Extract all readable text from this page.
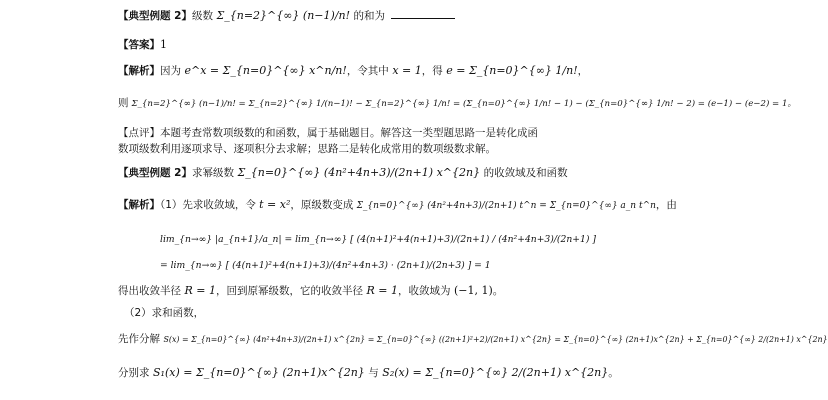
【典型例题 2】级数 Σ_{n=2}^{∞} (n−1)/n! 的和为
【答案】1
【解析】因为 e^x = Σ_{n=0}^{∞} x^n/n!，令其中 x = 1，得 e = Σ_{n=0}^{∞} 1/n!，
则 Σ_{n=2}^{∞} (n−1)/n! = Σ_{n=2}^{∞} 1/(n−1)! − Σ_{n=2}^{∞} 1/n! = (Σ_{n=0}^{∞} 1/n! − 1) − (Σ_{n=0}^{∞} 1/n! − 2) = (e−1) − (e−2) = 1。
【点评】本题考查常数项级数的和函数，属于基础题目。解答这一类型题思路一是转化成函
数项级数利用逐项求导、逐项积分去求解；思路二是转化成常用的数项级数求解。
【典型例题 2】求幂级数 Σ_{n=0}^{∞} (4n²+4n+3)/(2n+1) x^{2n} 的收敛域及和函数
【解析】（1）先求收敛域，令 t = x²，原级数变成 Σ_{n=0}^{∞} (4n²+4n+3)/(2n+1) t^n = Σ_{n=0}^{∞} a_n t^n，由
lim_{n→∞} |a_{n+1}/a_n| = lim_{n→∞} [ (4(n+1)²+4(n+1)+3)/(2n+1) / (4n²+4n+3)/(2n+1) ]
= lim_{n→∞} [ (4(n+1)²+4(n+1)+3)/(4n²+4n+3) · (2n+1)/(2n+3) ] = 1
得出收敛半径 R = 1，回到原幂级数，它的收敛半径 R = 1，收敛域为 (−1, 1)。
（2）求和函数，
先作分解 S(x) = Σ_{n=0}^{∞} (4n²+4n+3)/(2n+1) x^{2n} = Σ_{n=0}^{∞} ((2n+1)²+2)/(2n+1) x^{2n} = Σ_{n=0}^{∞} (2n+1)x^{2n} + Σ_{n=0}^{∞} 2/(2n+1) x^{2n}
分别求 S₁(x) = Σ_{n=0}^{∞} (2n+1)x^{2n} 与 S₂(x) = Σ_{n=0}^{∞} 2/(2n+1) x^{2n}。
